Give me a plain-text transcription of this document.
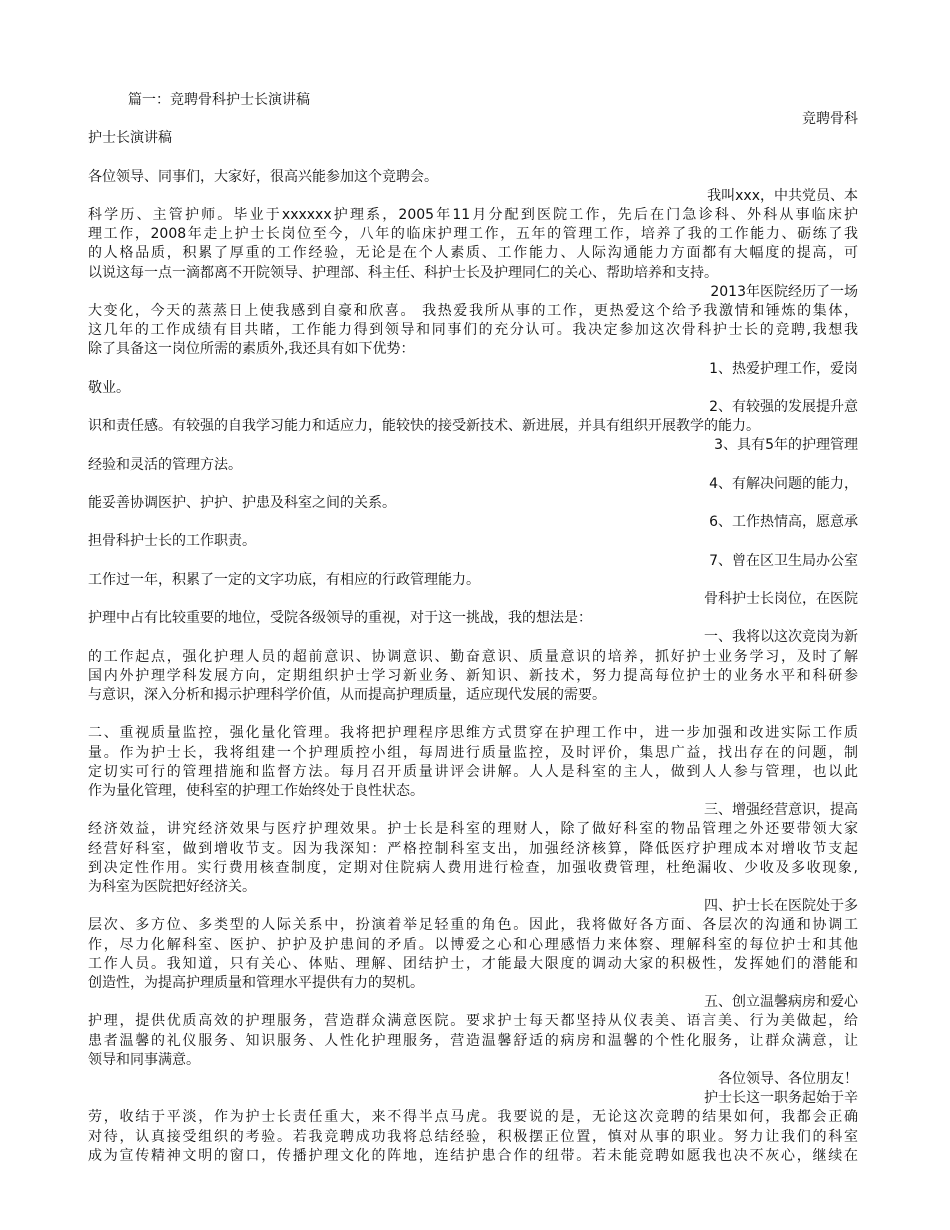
篇一：竞聘骨科护士长演讲稿
竞聘骨科
护士长演讲稿
各位领导、同事们，大家好，很高兴能参加这个竞聘会。
我叫xxx，中共党员、本
科学历、主管护师。毕业于xxxxxx护理系，2005年11月分配到医院工作，先后在门急诊科、外科从事临床护
理工作，2008年走上护士长岗位至今，八年的临床护理工作，五年的管理工作，培养了我的工作能力、砺练了我
的人格品质，积累了厚重的工作经验，无论是在个人素质、工作能力、人际沟通能力方面都有大幅度的提高，可
以说这每一点一滴都离不开院领导、护理部、科主任、科护士长及护理同仁的关心、帮助培养和支持。
2013年医院经历了一场
大变化，今天的蒸蒸日上使我感到自豪和欣喜。 我热爱我所从事的工作，更热爱这个给予我激情和锤炼的集体，
这几年的工作成绩有目共睹，工作能力得到领导和同事们的充分认可。我决定参加这次骨科护士长的竞聘,我想我
除了具备这一岗位所需的素质外,我还具有如下优势：
1、热爱护理工作，爱岗
敬业。
2、有较强的发展提升意
识和责任感。有较强的自我学习能力和适应力，能较快的接受新技术、新进展，并具有组织开展教学的能力。
3、具有5年的护理管理
经验和灵活的管理方法。
4、有解决问题的能力，
能妥善协调医护、护护、护患及科室之间的关系。
6、工作热情高，愿意承
担骨科护士长的工作职责。
7、曾在区卫生局办公室
工作过一年，积累了一定的文字功底，有相应的行政管理能力。
骨科护士长岗位，在医院
护理中占有比较重要的地位，受院各级领导的重视，对于这一挑战，我的想法是：
一、我将以这次竞岗为新
的工作起点，强化护理人员的超前意识、协调意识、勤奋意识、质量意识的培养，抓好护士业务学习，及时了解
国内外护理学科发展方向，定期组织护士学习新业务、新知识、新技术，努力提高每位护士的业务水平和科研参
与意识，深入分析和揭示护理科学价值，从而提高护理质量，适应现代发展的需要。
二、重视质量监控，强化量化管理。我将把护理程序思维方式贯穿在护理工作中，进一步加强和改进实际工作质
量。作为护士长，我将组建一个护理质控小组，每周进行质量监控，及时评价，集思广益，找出存在的问题，制
定切实可行的管理措施和监督方法。每月召开质量讲评会讲解。人人是科室的主人，做到人人参与管理，也以此
作为量化管理，使科室的护理工作始终处于良性状态。
三、增强经营意识，提高
经济效益，讲究经济效果与医疗护理效果。护士长是科室的理财人，除了做好科室的物品管理之外还要带领大家
经营好科室，做到增收节支。因为我深知：严格控制科室支出，加强经济核算，降低医疗护理成本对增收节支起
到决定性作用。实行费用核查制度，定期对住院病人费用进行检查，加强收费管理，杜绝漏收、少收及多收现象,
为科室为医院把好经济关。
四、护士长在医院处于多
层次、多方位、多类型的人际关系中，扮演着举足轻重的角色。因此，我将做好各方面、各层次的沟通和协调工
作，尽力化解科室、医护、护护及护患间的矛盾。以博爱之心和心理感悟力来体察、理解科室的每位护士和其他
工作人员。我知道，只有关心、体贴、理解、团结护士，才能最大限度的调动大家的积极性，发挥她们的潜能和
创造性，为提高护理质量和管理水平提供有力的契机。
五、创立温馨病房和爱心
护理，提供优质高效的护理服务，营造群众满意医院。要求护士每天都坚持从仪表美、语言美、行为美做起，给
患者温馨的礼仪服务、知识服务、人性化护理服务，营造温馨舒适的病房和温馨的个性化服务，让群众满意，让
领导和同事满意。
各位领导、各位朋友！
护士长这一职务起始于辛
劳，收结于平淡，作为护士长责任重大，来不得半点马虎。我要说的是，无论这次竞聘的结果如何，我都会正确
对待，认真接受组织的考验。若我竞聘成功我将总结经验，积极摆正位置，慎对从事的职业。努力让我们的科室
成为宣传精神文明的窗口，传播护理文化的阵地，连结护患合作的纽带。若未能竞聘如愿我也决不灰心，继续在
